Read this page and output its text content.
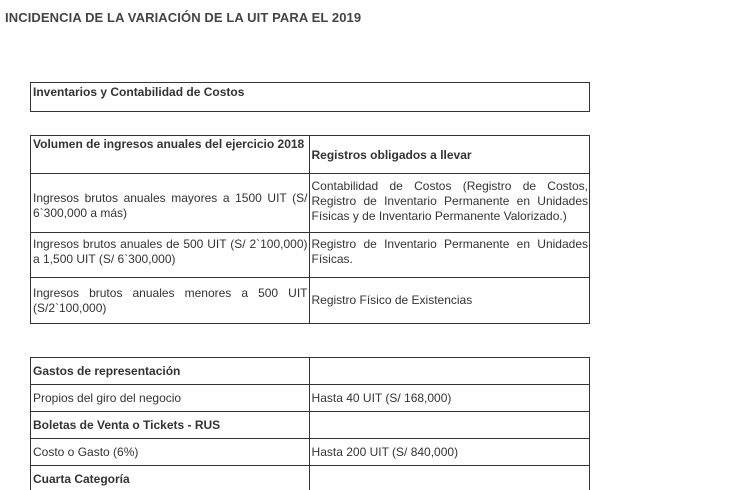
INCIDENCIA DE LA VARIACIÓN DE LA UIT PARA EL 2019
Inventarios y Contabilidad de Costos
Volumen de ingresos anuales del ejercicio 2018	Registros obligados a llevar
Ingresos brutos anuales mayores a 1500 UIT (S/ 6`300,000 a más)	Contabilidad de Costos (Registro de Costos, Registro de Inventario Permanente en Unidades Físicas y de Inventario Permanente Valorizado.)
Ingresos brutos anuales de 500 UIT (S/ 2`100,000) a 1,500 UIT (S/ 6`300,000)	Registro de Inventario Permanente en Unidades Físicas.
Ingresos brutos anuales menores a 500 UIT (S/2`100,000)	Registro Físico de Existencias
Gastos de representación	
Propios del giro del negocio	Hasta 40 UIT (S/ 168,000)
Boletas de Venta o Tickets - RUS	
Costo o Gasto (6%)	Hasta 200 UIT (S/ 840,000)
Cuarta Categoría	
